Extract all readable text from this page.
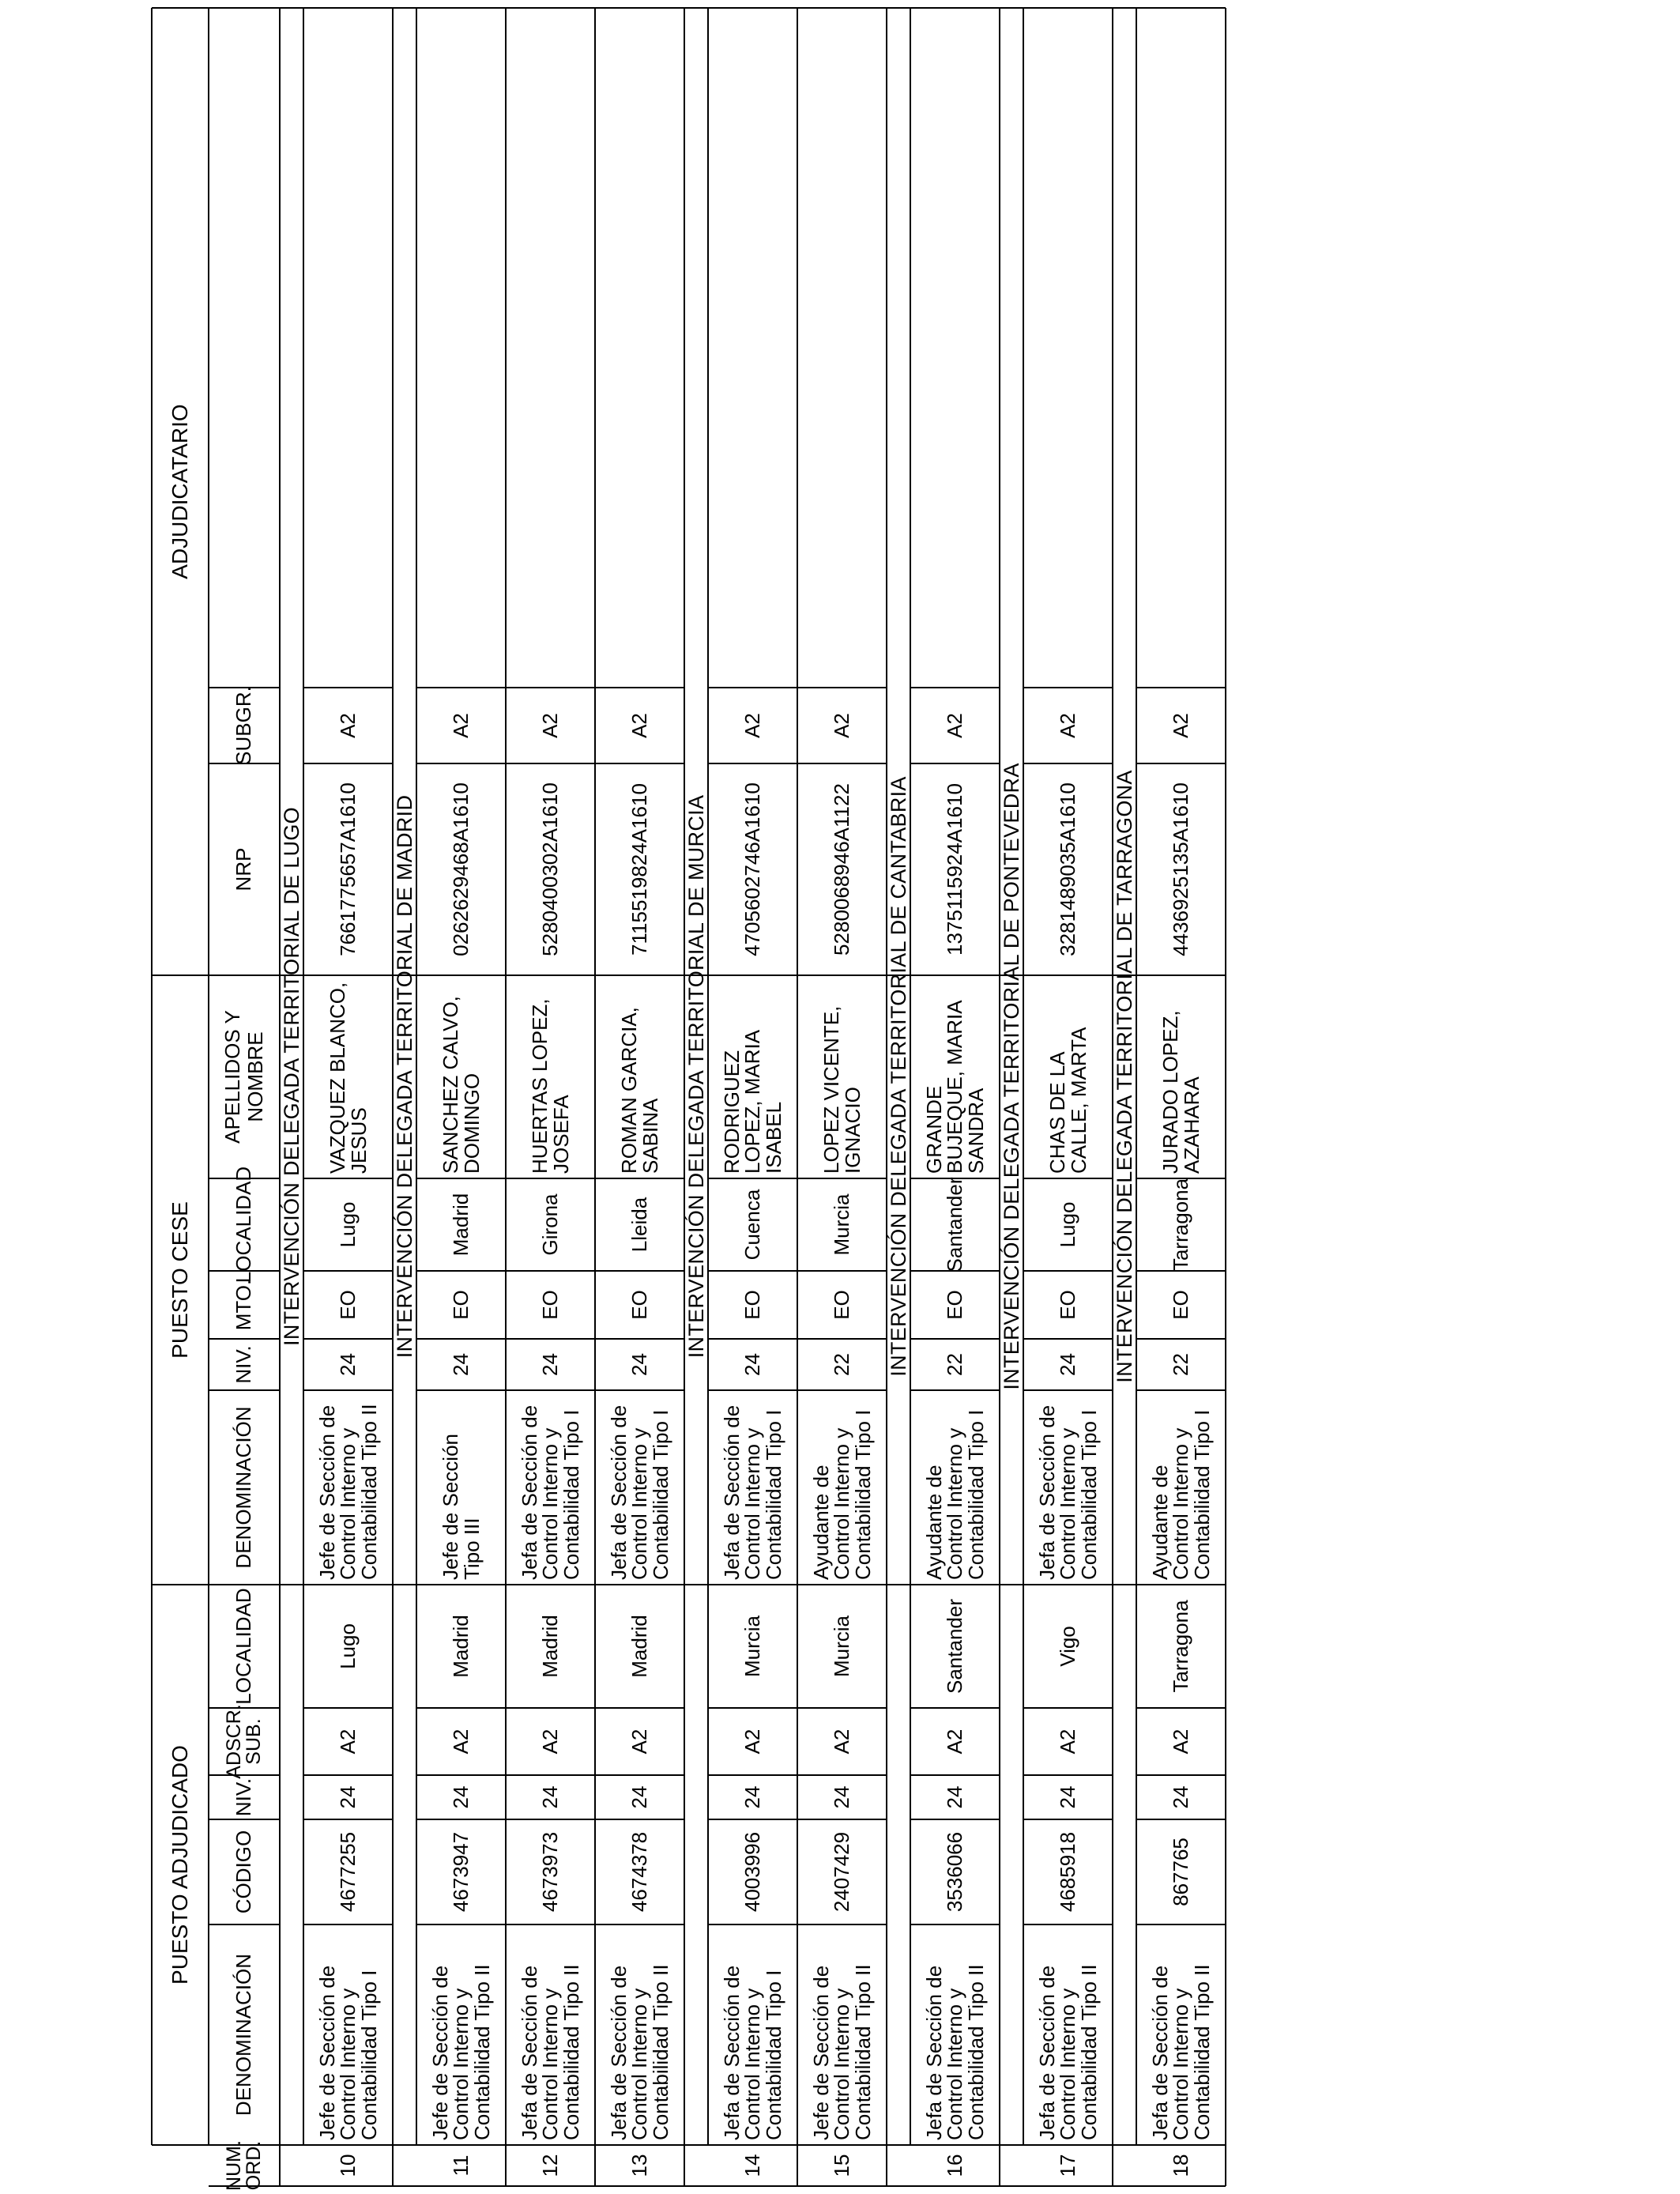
PUESTO ADJUDICADO
PUESTO CESE
ADJUDICATARIO
NUM. ORD.
DENOMINACIÓN
CÓDIGO
NIV.
ADSCR. SUB.
LOCALIDAD
DENOMINACIÓN
NIV.
MTO.
LOCALIDAD
APELLIDOS Y NOMBRE
NRP
SUBGR.
INTERVENCIÓN DELEGADA TERRITORIAL DE LUGO
10
Jefe de Sección de Control Interno y Contabilidad Tipo I
4677255
24
A2
Lugo
Jefe de Sección de Control Interno y Contabilidad Tipo II
24
EO
Lugo
VAZQUEZ BLANCO, JESUS
7661775657A1610
A2
INTERVENCIÓN DELEGADA TERRITORIAL DE MADRID
11
Jefe de Sección de Control Interno y Contabilidad Tipo II
4673947
24
A2
Madrid
Jefe de Sección Tipo III
24
EO
Madrid
SANCHEZ CALVO, DOMINGO
0262629468A1610
A2
12
Jefa de Sección de Control Interno y Contabilidad Tipo II
4673973
24
A2
Madrid
Jefa de Sección de Control Interno y Contabilidad Tipo I
24
EO
Girona
HUERTAS LOPEZ, JOSEFA
5280400302A1610
A2
13
Jefa de Sección de Control Interno y Contabilidad Tipo II
4674378
24
A2
Madrid
Jefa de Sección de Control Interno y Contabilidad Tipo I
24
EO
Lleida
ROMAN GARCIA, SABINA
7115519824A1610
A2
INTERVENCIÓN DELEGADA TERRITORIAL DE MURCIA
14
Jefa de Sección de Control Interno y Contabilidad Tipo I
4003996
24
A2
Murcia
Jefa de Sección de Control Interno y Contabilidad Tipo I
24
EO
Cuenca
RODRIGUEZ LOPEZ, MARIA ISABEL
4705602746A1610
A2
15
Jefe de Sección de Control Interno y Contabilidad Tipo II
2407429
24
A2
Murcia
Ayudante de Control Interno y Contabilidad Tipo I
22
EO
Murcia
LOPEZ VICENTE, IGNACIO
5280068946A1122
A2
INTERVENCIÓN DELEGADA TERRITORIAL DE CANTABRIA
16
Jefa de Sección de Control Interno y Contabilidad Tipo II
3536066
24
A2
Santander
Ayudante de Control Interno y Contabilidad Tipo I
22
EO
Santander
GRANDE BUJEQUE, MARIA SANDRA
1375115924A1610
A2
INTERVENCIÓN DELEGADA TERRITORIAL DE PONTEVEDRA
17
Jefa de Sección de Control Interno y Contabilidad Tipo II
4685918
24
A2
Vigo
Jefa de Sección de Control Interno y Contabilidad Tipo I
24
EO
Lugo
CHAS DE LA CALLE, MARTA
3281489035A1610
A2
INTERVENCIÓN DELEGADA TERRITORIAL DE TARRAGONA
18
Jefa de Sección de Control Interno y Contabilidad Tipo II
867765
24
A2
Tarragona
Ayudante de Control Interno y Contabilidad Tipo I
22
EO
Tarragona
JURADO LOPEZ, AZAHARA
4436925135A1610
A2
